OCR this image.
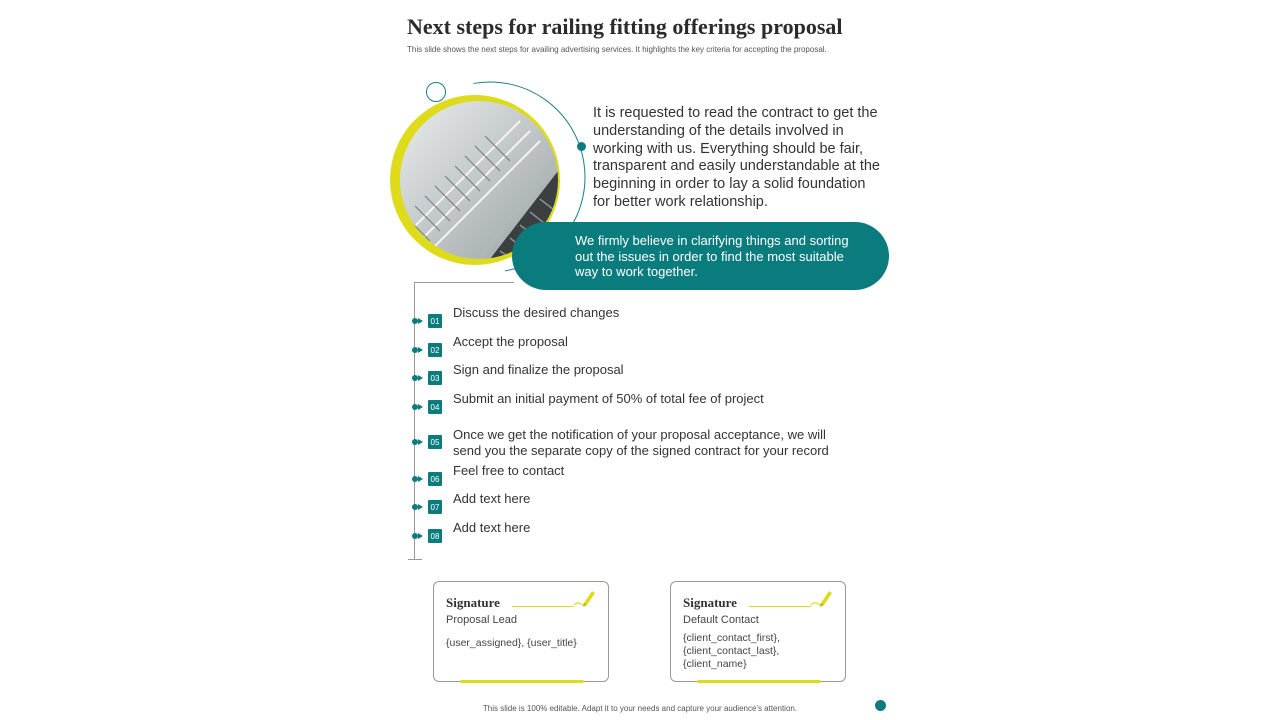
Next steps for railing fitting offerings proposal
This slide shows the next steps for availing advertising services. It highlights the key criteria for accepting the proposal.
It is requested to read the contract to get the understanding of the details involved in working with us. Everything should be fair, transparent and easily understandable at the beginning in order to lay a solid foundation for better work relationship.
We firmly believe in clarifying things and sorting out the issues in order to find the most suitable way to work together.
01
Discuss the desired changes
02
Accept the proposal
03
Sign and finalize the proposal
04
Submit an initial payment of 50% of total fee of project
05 Once we get the notification of your proposal acceptance, we will send you the separate copy of the signed contract for your record
06
Feel free to contact
07
Add text here
08
Add text here
Signature
Proposal Lead
{user_assigned}, {user_title}
Signature
Default Contact
{client_contact_first},
{client_contact_last},
{client_name}
This slide is 100% editable. Adapt it to your needs and capture your audience's attention.
